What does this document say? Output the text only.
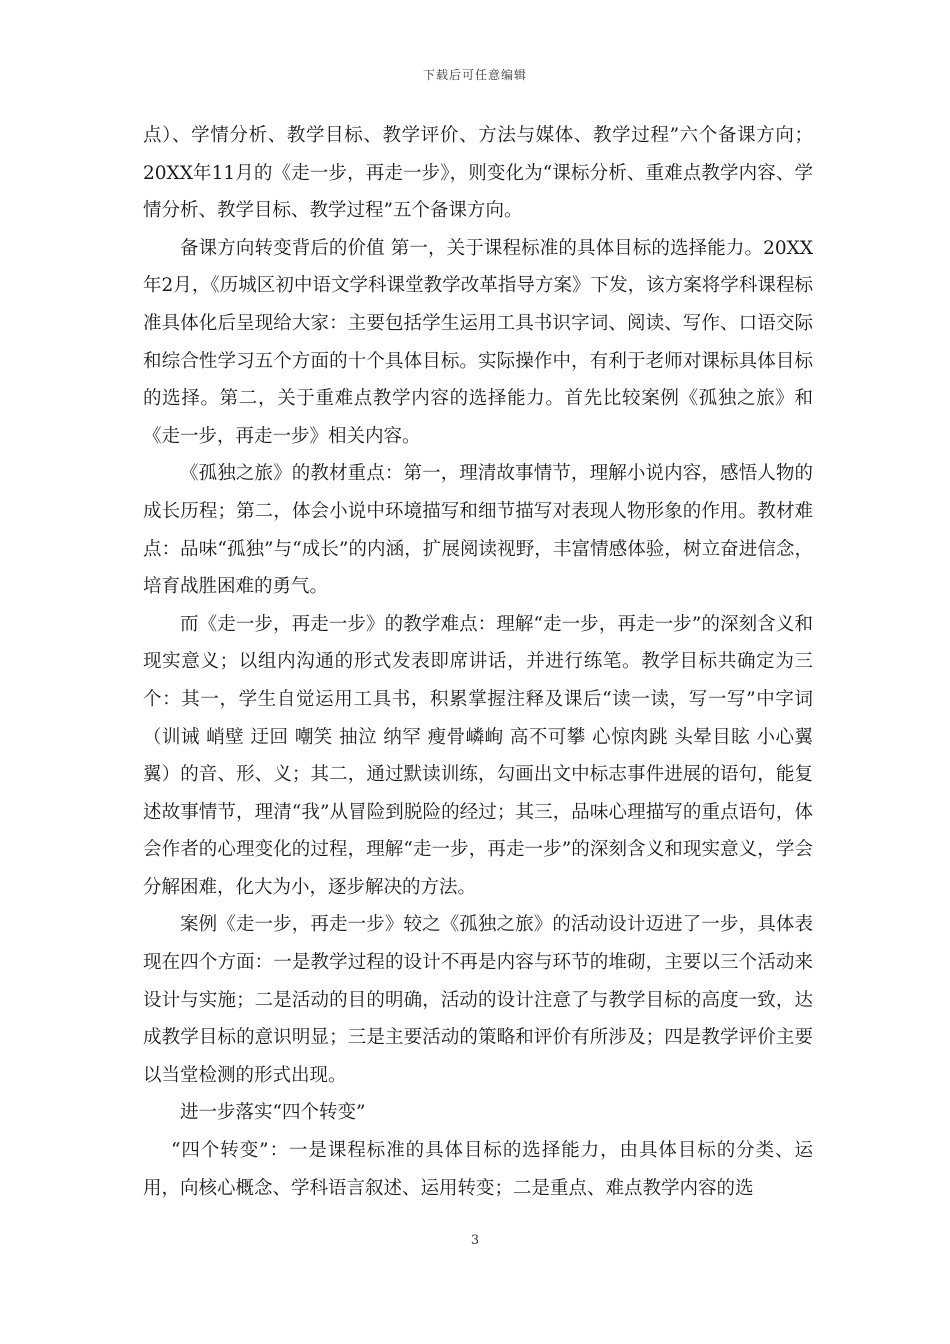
下载后可任意编辑

点）、学情分析、教学目标、教学评价、方法与媒体、教学过程”六个备课方向；20XX年11月的《走一步，再走一步》，则变化为“课标分析、重难点教学内容、学情分析、教学目标、教学过程”五个备课方向。

备课方向转变背后的价值 第一，关于课程标准的具体目标的选择能力。20XX年2月，《历城区初中语文学科课堂教学改革指导方案》下发，该方案将学科课程标准具体化后呈现给大家：主要包括学生运用工具书识字词、阅读、写作、口语交际和综合性学习五个方面的十个具体目标。实际操作中，有利于老师对课标具体目标的选择。第二，关于重难点教学内容的选择能力。首先比较案例《孤独之旅》和《走一步，再走一步》相关内容。

《孤独之旅》的教材重点：第一，理清故事情节，理解小说内容，感悟人物的成长历程；第二，体会小说中环境描写和细节描写对表现人物形象的作用。教材难点：品味“孤独”与“成长”的内涵，扩展阅读视野，丰富情感体验，树立奋进信念，培育战胜困难的勇气。

而《走一步，再走一步》的教学难点：理解“走一步，再走一步”的深刻含义和现实意义；以组内沟通的形式发表即席讲话，并进行练笔。教学目标共确定为三个：其一，学生自觉运用工具书，积累掌握注释及课后“读一读，写一写”中字词（训诫 峭壁 迂回 嘲笑 抽泣 纳罕 瘦骨嶙峋 高不可攀 心惊肉跳 头晕目眩 小心翼翼）的音、形、义；其二，通过默读训练，勾画出文中标志事件进展的语句，能复述故事情节，理清“我”从冒险到脱险的经过；其三，品味心理描写的重点语句，体会作者的心理变化的过程，理解“走一步，再走一步”的深刻含义和现实意义，学会分解困难，化大为小，逐步解决的方法。

案例《走一步，再走一步》较之《孤独之旅》的活动设计迈进了一步，具体表现在四个方面：一是教学过程的设计不再是内容与环节的堆砌，主要以三个活动来设计与实施；二是活动的目的明确，活动的设计注意了与教学目标的高度一致，达成教学目标的意识明显；三是主要活动的策略和评价有所涉及；四是教学评价主要以当堂检测的形式出现。

进一步落实“四个转变”

“四个转变”：一是课程标准的具体目标的选择能力，由具体目标的分类、运用，向核心概念、学科语言叙述、运用转变；二是重点、难点教学内容的选

3
